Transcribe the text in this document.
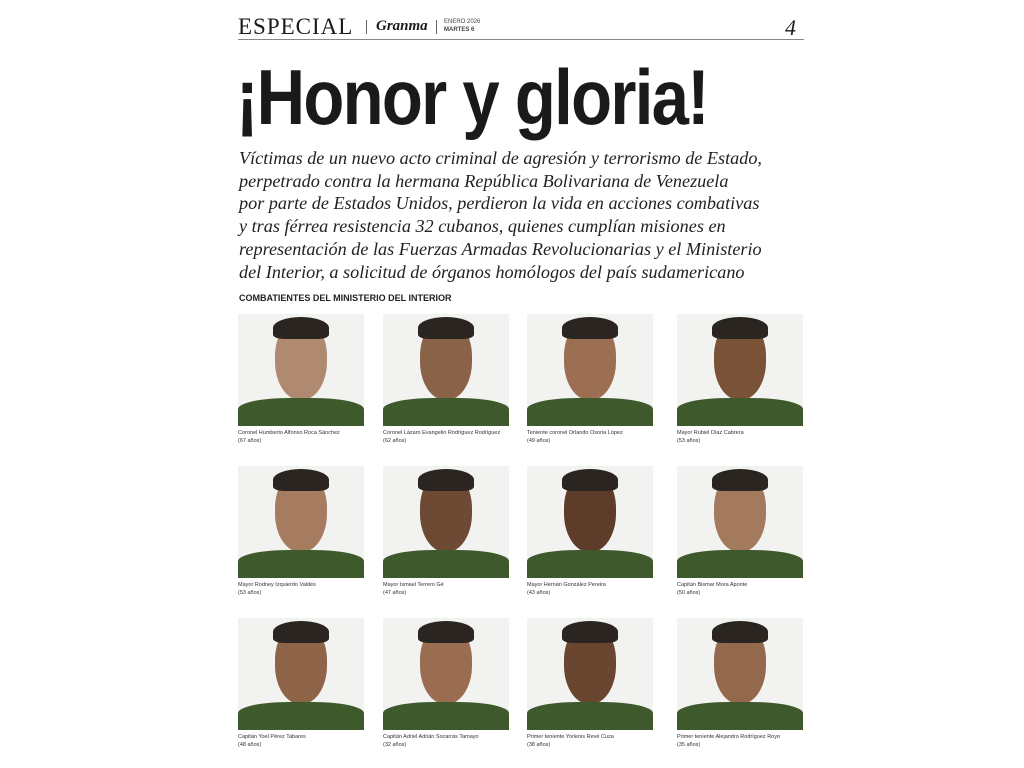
ESPECIAL Granma	ENERO 2026
MARTES 6	4
¡Honor y gloria!
Víctimas de un nuevo acto criminal de agresión y terrorismo de Estado,
perpetrado contra la hermana República Bolivariana de Venezuela
por parte de Estados Unidos, perdieron la vida en acciones combativas
y tras férrea resistencia 32 cubanos, quienes cumplían misiones en
representación de las Fuerzas Armadas Revolucionarias y el Ministerio
del Interior, a solicitud de órganos homólogos del país sudamericano
COMBATIENTES DEL MINISTERIO DEL INTERIOR
Coronel Humberto Alfonso Roca Sánchez
(67 años)
Coronel Lázaro Evangelio Rodríguez Rodríguez
(62 años)
Teniente coronel Orlando Osoria López
(49 años)
Mayor Rubiel Díaz Cabrera
(53 años)
Mayor Rodney Izquierdo Valdés
(53 años)
Mayor Ismael Terrero Gé
(47 años)
Mayor Hernán González Pereira
(43 años)
Capitán Bismar Mora Aponte
(50 años)
Capitán Yoel Pérez Tabares
(48 años)
Capitán Adriel Adrián Socarrás Tamayo
(32 años)
Primer teniente Yorlenis Revé Cuza
(38 años)
Primer teniente Alejandro Rodríguez Royo
(35 años)
